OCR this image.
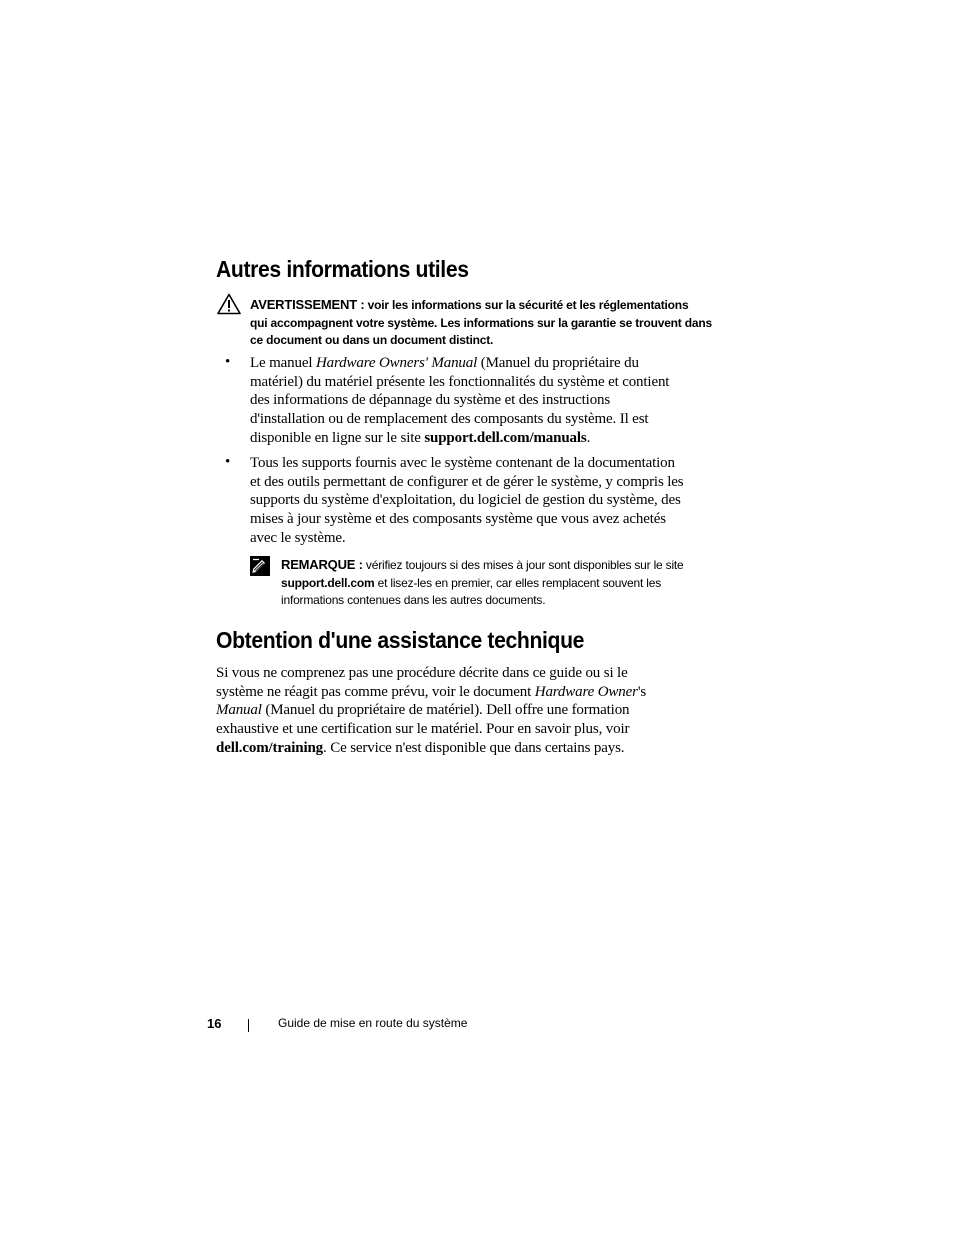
Autres informations utiles
AVERTISSEMENT : voir les informations sur la sécurité et les réglementations
qui accompagnent votre système. Les informations sur la garantie se trouvent dans
ce document ou dans un document distinct.
• Le manuel Hardware Owners' Manual (Manuel du propriétaire du
matériel) du matériel présente les fonctionnalités du système et contient
des informations de dépannage du système et des instructions
d'installation ou de remplacement des composants du système. Il est
disponible en ligne sur le site support.dell.com/manuals.
• Tous les supports fournis avec le système contenant de la documentation
et des outils permettant de configurer et de gérer le système, y compris les
supports du système d'exploitation, du logiciel de gestion du système, des
mises à jour système et des composants système que vous avez achetés
avec le système.
REMARQUE : vérifiez toujours si des mises à jour sont disponibles sur le site
support.dell.com et lisez-les en premier, car elles remplacent souvent les
informations contenues dans les autres documents.
Obtention d'une assistance technique
Si vous ne comprenez pas une procédure décrite dans ce guide ou si le
système ne réagit pas comme prévu, voir le document Hardware Owner's
Manual (Manuel du propriétaire de matériel). Dell offre une formation
exhaustive et une certification sur le matériel. Pour en savoir plus, voir
dell.com/training. Ce service n'est disponible que dans certains pays.
16	Guide de mise en route du système
